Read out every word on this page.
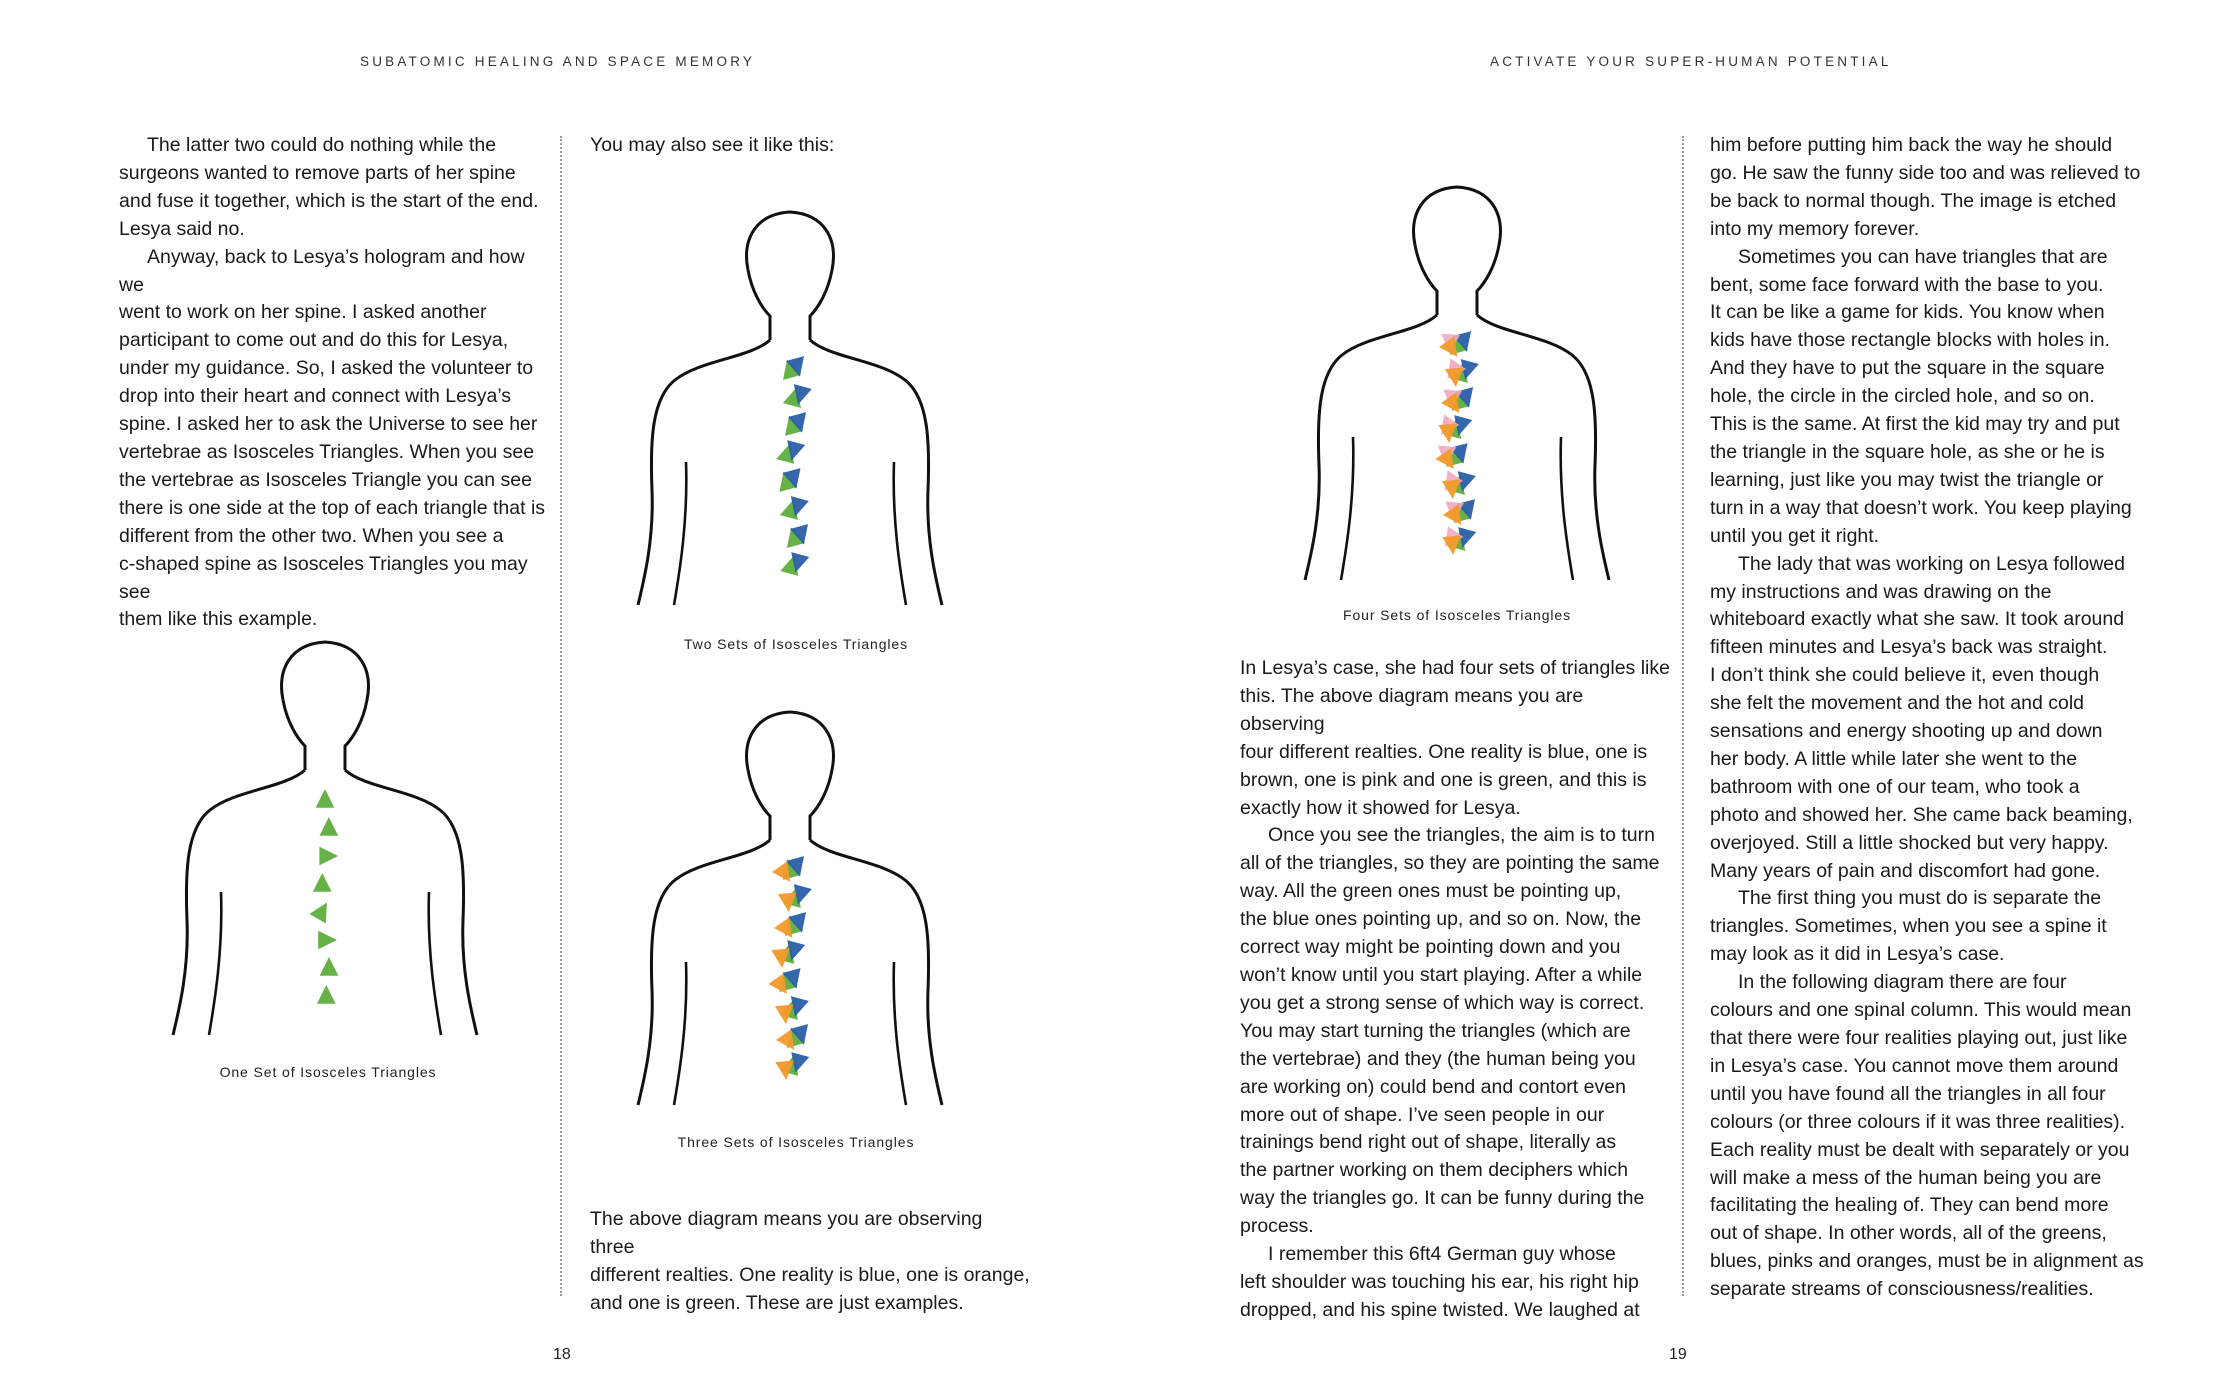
SUBATOMIC HEALING AND SPACE MEMORY

The latter two could do nothing while the
surgeons wanted to remove parts of her spine
and fuse it together, which is the start of the end.
Lesya said no.

Anyway, back to Lesya’s hologram and how we
went to work on her spine. I asked another
participant to come out and do this for Lesya,
under my guidance. So, I asked the volunteer to
drop into their heart and connect with Lesya’s
spine. I asked her to ask the Universe to see her
vertebrae as Isosceles Triangles. When you see
the vertebrae as Isosceles Triangle you can see
there is one side at the top of each triangle that is
different from the other two. When you see a
c-shaped spine as Isosceles Triangles you may see
them like this example.

One Set of Isosceles Triangles

You may also see it like this:

Two Sets of Isosceles Triangles
Three Sets of Isosceles Triangles

The above diagram means you are observing three
different realties. One reality is blue, one is orange,
and one is green. These are just examples.

18
ACTIVATE YOUR SUPER-HUMAN POTENTIAL
Four Sets of Isosceles Triangles

In Lesya’s case, she had four sets of triangles like
this. The above diagram means you are observing
four different realties. One reality is blue, one is
brown, one is pink and one is green, and this is
exactly how it showed for Lesya.

Once you see the triangles, the aim is to turn
all of the triangles, so they are pointing the same
way. All the green ones must be pointing up,
the blue ones pointing up, and so on. Now, the
correct way might be pointing down and you
won’t know until you start playing. After a while
you get a strong sense of which way is correct.
You may start turning the triangles (which are
the vertebrae) and they (the human being you
are working on) could bend and contort even
more out of shape. I’ve seen people in our
trainings bend right out of shape, literally as
the partner working on them deciphers which
way the triangles go. It can be funny during the
process.

I remember this 6ft4 German guy whose
left shoulder was touching his ear, his right hip
dropped, and his spine twisted. We laughed at

him before putting him back the way he should
go. He saw the funny side too and was relieved to
be back to normal though. The image is etched
into my memory forever.

Sometimes you can have triangles that are
bent, some face forward with the base to you.
It can be like a game for kids. You know when
kids have those rectangle blocks with holes in.
And they have to put the square in the square
hole, the circle in the circled hole, and so on.
This is the same. At first the kid may try and put
the triangle in the square hole, as she or he is
learning, just like you may twist the triangle or
turn in a way that doesn’t work. You keep playing
until you get it right.

The lady that was working on Lesya followed
my instructions and was drawing on the
whiteboard exactly what she saw. It took around
fifteen minutes and Lesya’s back was straight.
I don’t think she could believe it, even though
she felt the movement and the hot and cold
sensations and energy shooting up and down
her body. A little while later she went to the
bathroom with one of our team, who took a
photo and showed her. She came back beaming,
overjoyed. Still a little shocked but very happy.
Many years of pain and discomfort had gone.

The first thing you must do is separate the
triangles. Sometimes, when you see a spine it
may look as it did in Lesya’s case.

In the following diagram there are four
colours and one spinal column. This would mean
that there were four realities playing out, just like
in Lesya’s case. You cannot move them around
until you have found all the triangles in all four
colours (or three colours if it was three realities).
Each reality must be dealt with separately or you
will make a mess of the human being you are
facilitating the healing of. They can bend more
out of shape. In other words, all of the greens,
blues, pinks and oranges, must be in alignment as
separate streams of consciousness/realities.

19
